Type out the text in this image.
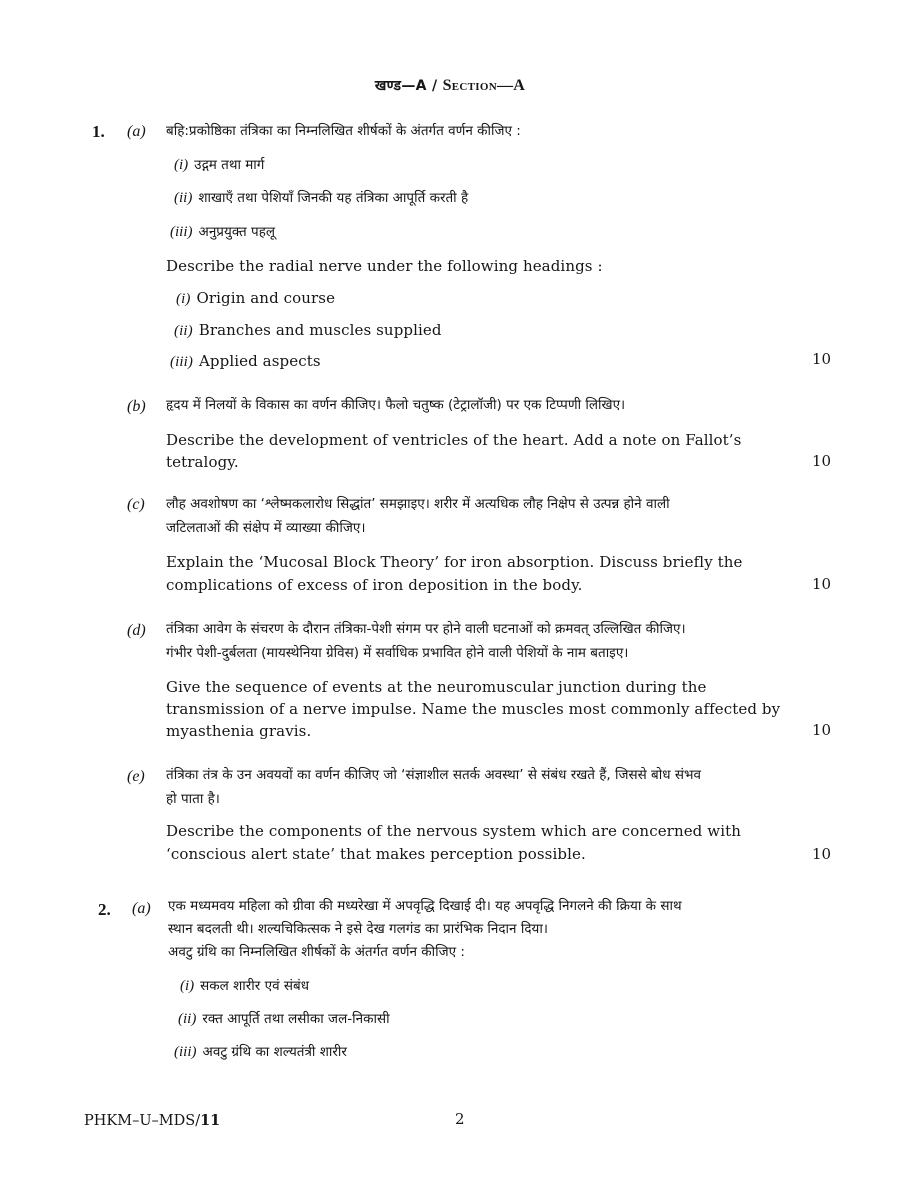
खण्ड—A / Section—A
1. (a) बहि:प्रकोष्ठिका तंत्रिका का निम्नलिखित शीर्षकों के अंतर्गत वर्णन कीजिए :
(i) उद्गम तथा मार्ग
(ii) शाखाएँ तथा पेशियाँ जिनकी यह तंत्रिका आपूर्ति करती है
(iii) अनुप्रयुक्त पहलू
Describe the radial nerve under the following headings :
(i) Origin and course
(ii) Branches and muscles supplied
(iii) Applied aspects	10
(b) हृदय में निलयों के विकास का वर्णन कीजिए। फैलो चतुष्क (टेट्रालॉजी) पर एक टिप्पणी लिखिए।
Describe the development of ventricles of the heart. Add a note on Fallot’s
tetralogy.	10
(c) लौह अवशोषण का ‘श्लेष्मकलारोध सिद्धांत’ समझाइए। शरीर में अत्यधिक लौह निक्षेप से उत्पन्न होने वाली
जटिलताओं की संक्षेप में व्याख्या कीजिए।
Explain the ‘Mucosal Block Theory’ for iron absorption. Discuss briefly the
complications of excess of iron deposition in the body.	10
(d) तंत्रिका आवेग के संचरण के दौरान तंत्रिका-पेशी संगम पर होने वाली घटनाओं को क्रमवत् उल्लिखित कीजिए।
गंभीर पेशी-दुर्बलता (मायस्थेनिया ग्रेविस) में सर्वाधिक प्रभावित होने वाली पेशियों के नाम बताइए।
Give the sequence of events at the neuromuscular junction during the
transmission of a nerve impulse. Name the muscles most commonly affected by
myasthenia gravis.	10
(e) तंत्रिका तंत्र के उन अवयवों का वर्णन कीजिए जो ‘संज्ञाशील सतर्क अवस्था’ से संबंध रखते हैं, जिससे बोध संभव
हो पाता है।
Describe the components of the nervous system which are concerned with
‘conscious alert state’ that makes perception possible.	10
2. (a) एक मध्यमवय महिला को ग्रीवा की मध्यरेखा में अपवृद्धि दिखाई दी। यह अपवृद्धि निगलने की क्रिया के साथ
स्थान बदलती थी। शल्यचिकित्सक ने इसे देख गलगंड का प्रारंभिक निदान दिया।
अवटु ग्रंथि का निम्नलिखित शीर्षकों के अंतर्गत वर्णन कीजिए :
(i) सकल शारीर एवं संबंध
(ii) रक्त आपूर्ति तथा लसीका जल-निकासी
(iii) अवटु ग्रंथि का शल्यतंत्री शारीर
PHKM–U–MDS/11	2
